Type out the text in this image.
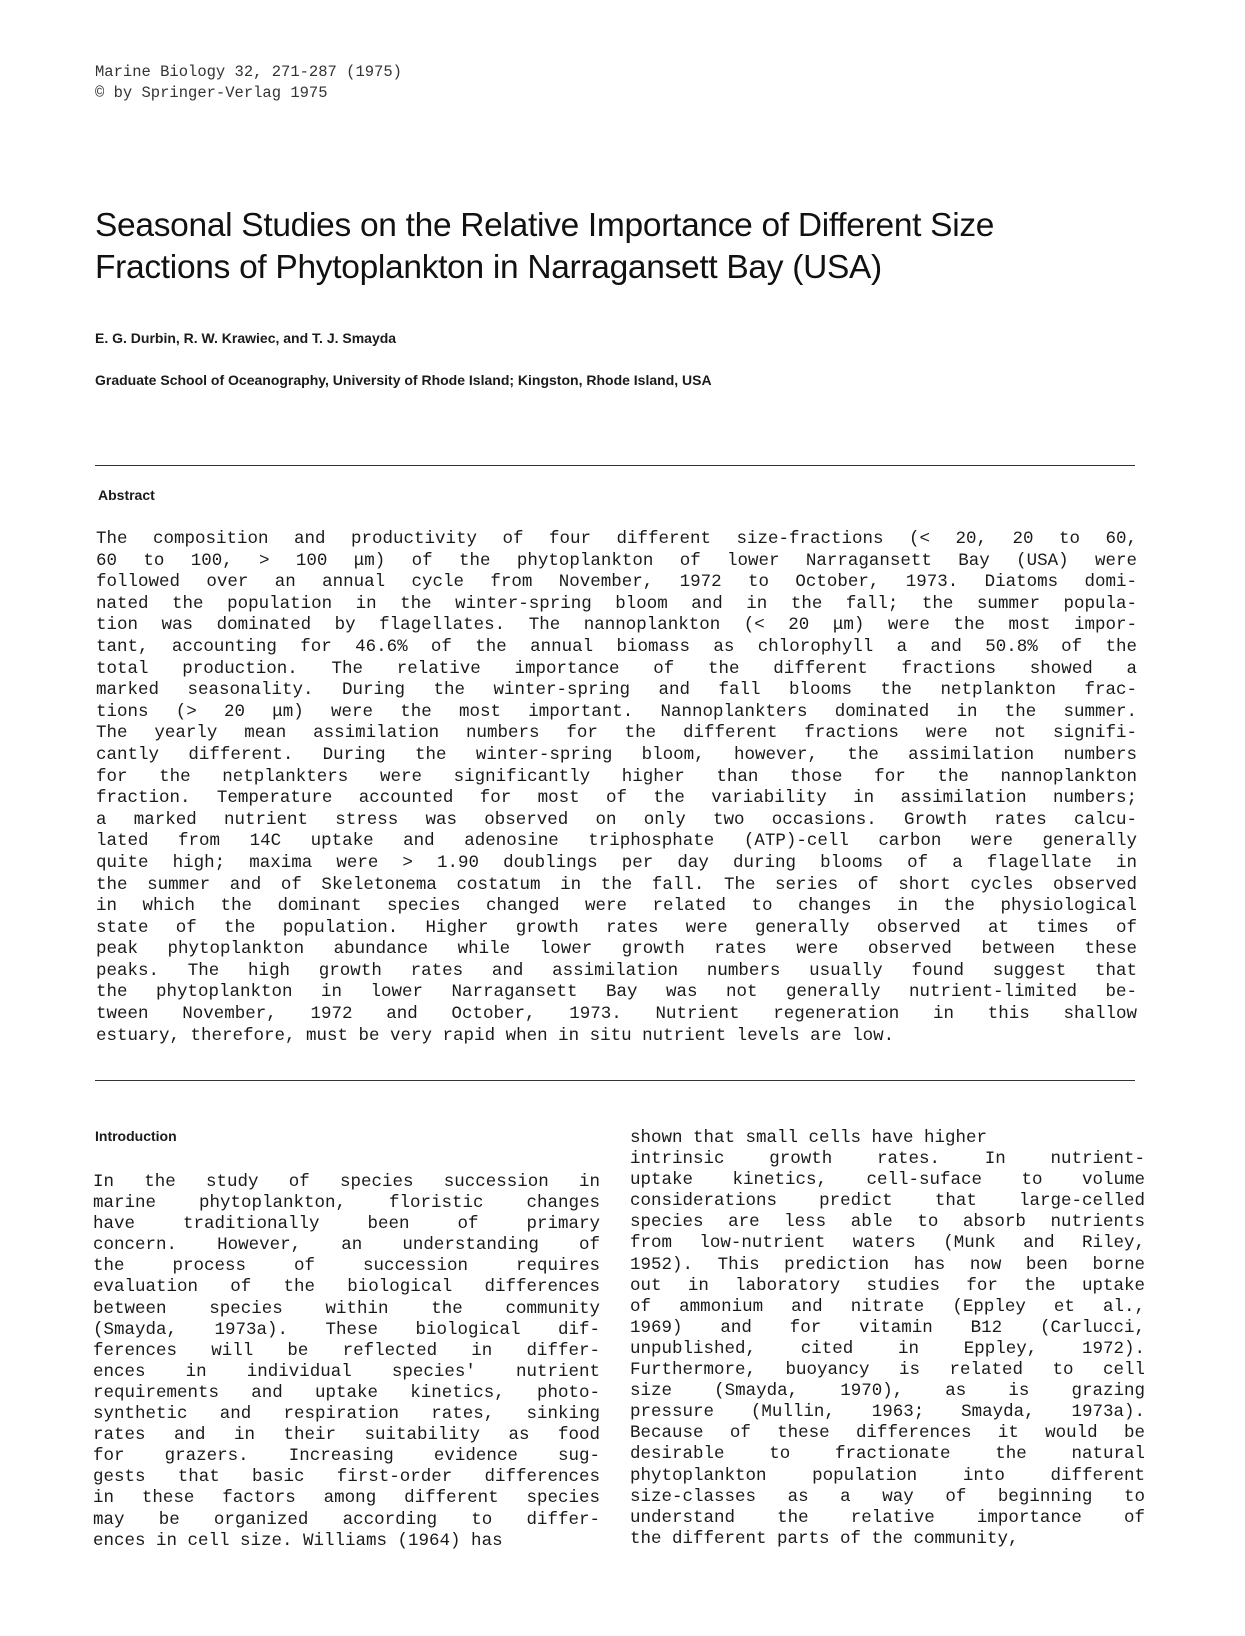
Marine Biology 32, 271-287 (1975)
© by Springer-Verlag 1975
Seasonal Studies on the Relative Importance of Different Size
Fractions of Phytoplankton in Narragansett Bay (USA)
E. G. Durbin, R. W. Krawiec, and T. J. Smayda
Graduate School of Oceanography, University of Rhode Island; Kingston, Rhode Island, USA
Abstract
The composition and productivity of four different size-fractions (< 20, 20 to 60,
60 to 100, > 100 μm) of the phytoplankton of lower Narragansett Bay (USA) were
followed over an annual cycle from November, 1972 to October, 1973. Diatoms domi-
nated the population in the winter-spring bloom and in the fall; the summer popula-
tion was dominated by flagellates. The nannoplankton (< 20 μm) were the most impor-
tant, accounting for 46.6% of the annual biomass as chlorophyll a and 50.8% of the
total production. The relative importance of the different fractions showed a
marked seasonality. During the winter-spring and fall blooms the netplankton frac-
tions (> 20 μm) were the most important. Nannoplankters dominated in the summer.
The yearly mean assimilation numbers for the different fractions were not signifi-
cantly different. During the winter-spring bloom, however, the assimilation numbers
for the netplankters were significantly higher than those for the nannoplankton
fraction. Temperature accounted for most of the variability in assimilation numbers;
a marked nutrient stress was observed on only two occasions. Growth rates calcu-
lated from 14C uptake and adenosine triphosphate (ATP)-cell carbon were generally
quite high; maxima were > 1.90 doublings per day during blooms of a flagellate in
the summer and of Skeletonema costatum in the fall. The series of short cycles observed
in which the dominant species changed were related to changes in the physiological
state of the population. Higher growth rates were generally observed at times of
peak phytoplankton abundance while lower growth rates were observed between these
peaks. The high growth rates and assimilation numbers usually found suggest that
the phytoplankton in lower Narragansett Bay was not generally nutrient-limited be-
tween November, 1972 and October, 1973. Nutrient regeneration in this shallow
estuary, therefore, must be very rapid when in situ nutrient levels are low.
Introduction
In the study of species succession in
marine phytoplankton, floristic changes
have traditionally been of primary
concern. However, an understanding of
the process of succession requires
evaluation of the biological differences
between species within the community
(Smayda, 1973a). These biological dif-
ferences will be reflected in differ-
ences in individual species' nutrient
requirements and uptake kinetics, photo-
synthetic and respiration rates, sinking
rates and in their suitability as food
for grazers. Increasing evidence sug-
gests that basic first-order differences
in these factors among different species
may be organized according to differ-
ences in cell size. Williams (1964) has
shown that small cells have higher
intrinsic growth rates. In nutrient-
uptake kinetics, cell-suface to volume
considerations predict that large-celled
species are less able to absorb nutrients
from low-nutrient waters (Munk and Riley,
1952). This prediction has now been borne
out in laboratory studies for the uptake
of ammonium and nitrate (Eppley et al.,
1969) and for vitamin B12 (Carlucci,
unpublished, cited in Eppley, 1972).
Furthermore, buoyancy is related to cell
size (Smayda, 1970), as is grazing
pressure (Mullin, 1963; Smayda, 1973a).
Because of these differences it would be
desirable to fractionate the natural
phytoplankton population into different
size-classes as a way of beginning to
understand the relative importance of
the different parts of the community,
